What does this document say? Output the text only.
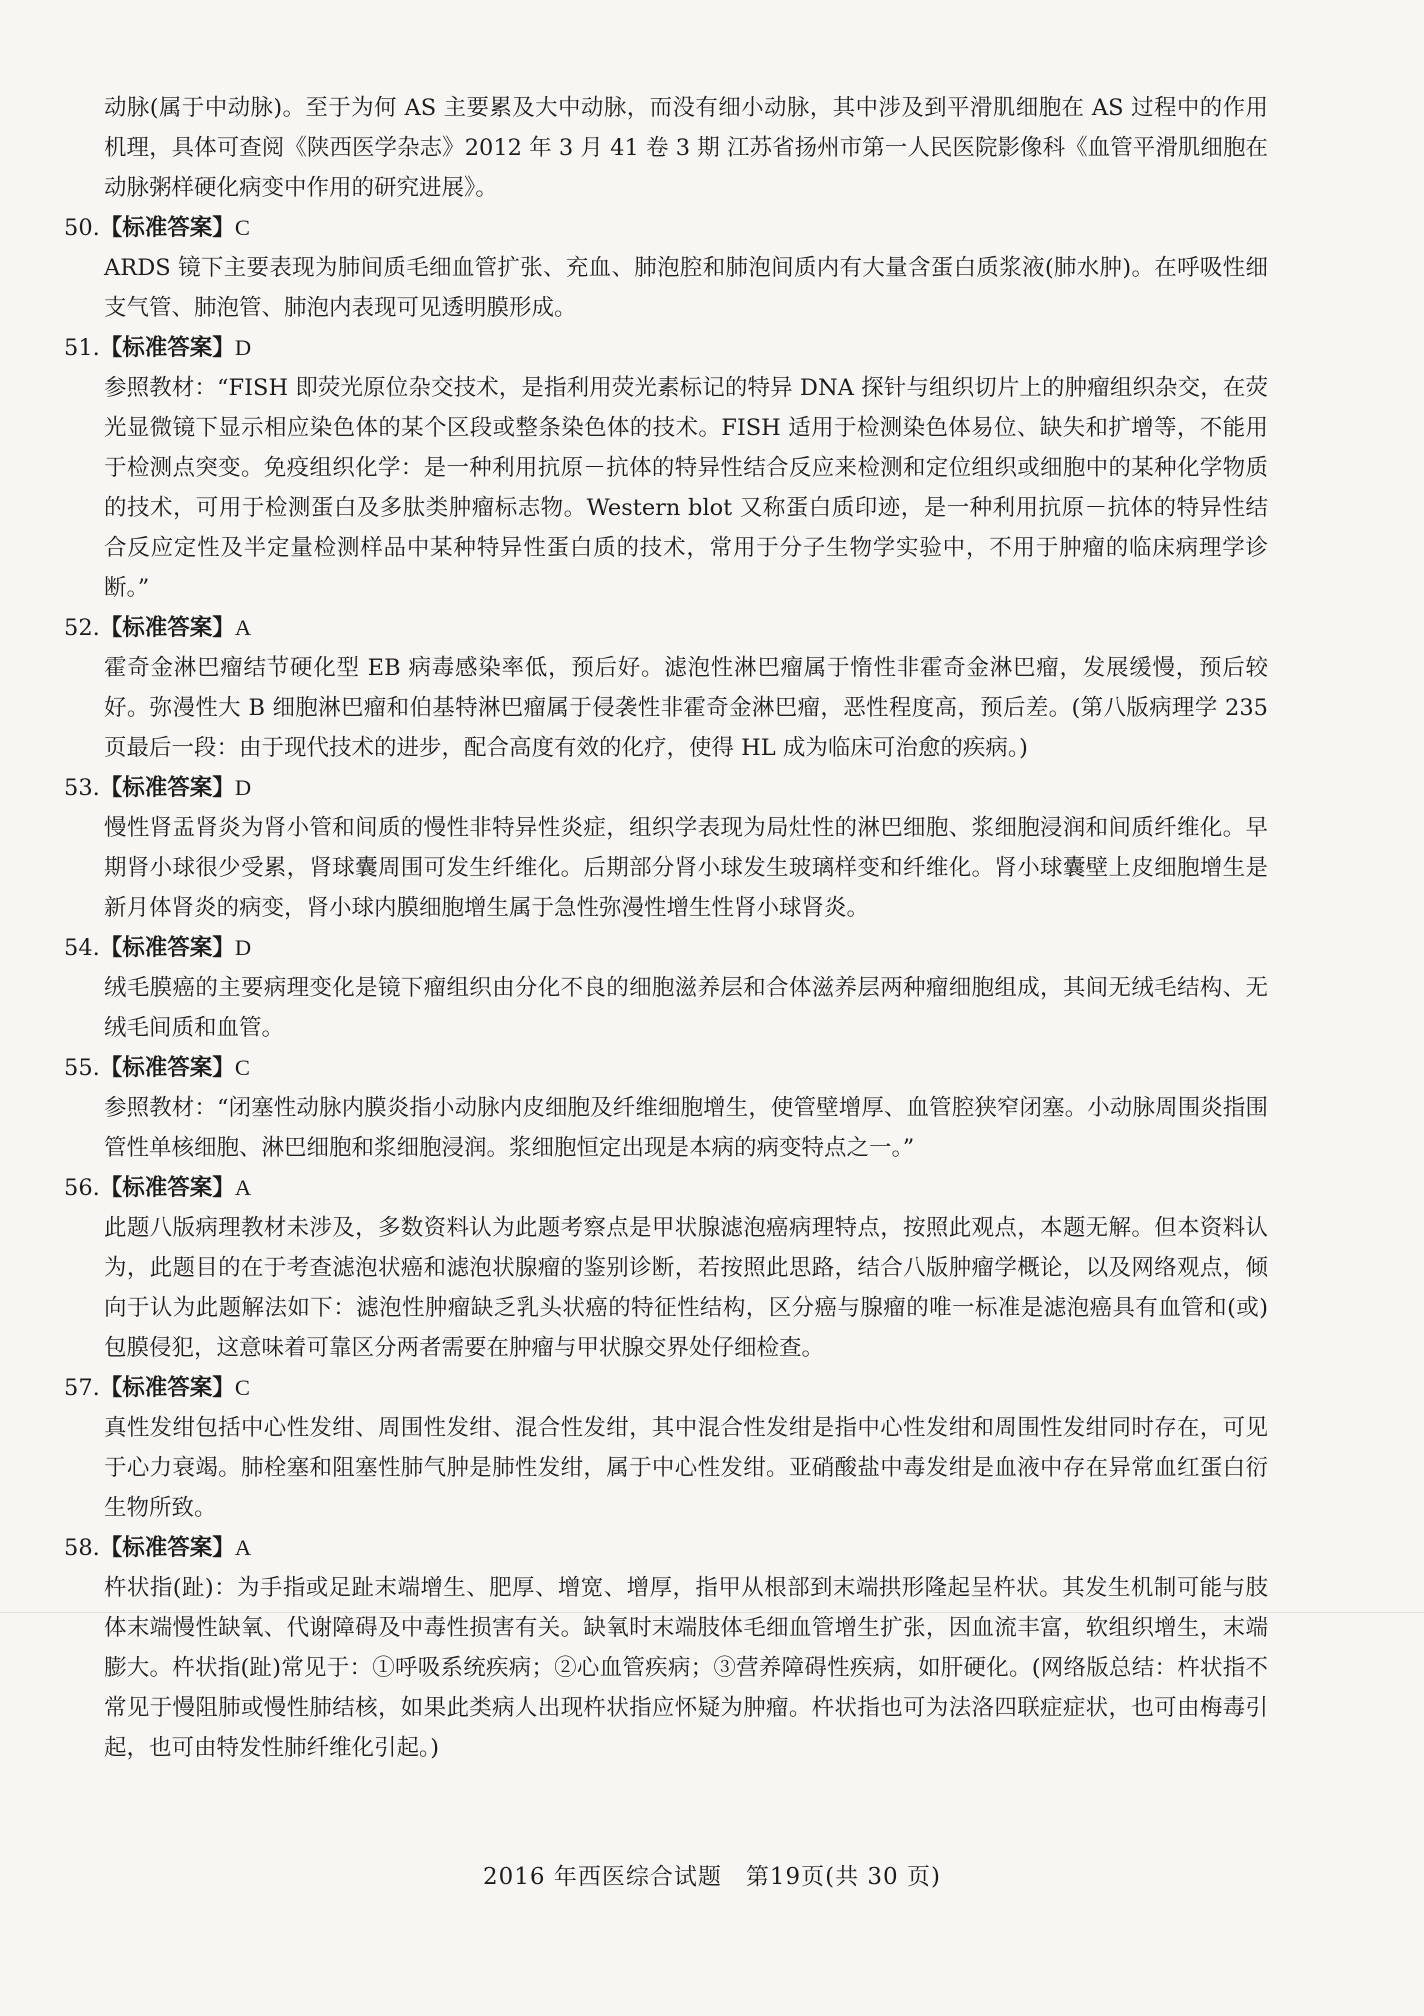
动脉(属于中动脉)。至于为何 AS 主要累及大中动脉，而没有细小动脉，其中涉及到平滑肌细胞在 AS 过程中的作用机理，具体可查阅《陕西医学杂志》2012 年 3 月 41 卷 3 期 江苏省扬州市第一人民医院影像科《血管平滑肌细胞在动脉粥样硬化病变中作用的研究进展》。

50.【标准答案】C

ARDS 镜下主要表现为肺间质毛细血管扩张、充血、肺泡腔和肺泡间质内有大量含蛋白质浆液(肺水肿)。在呼吸性细支气管、肺泡管、肺泡内表现可见透明膜形成。

51.【标准答案】D

参照教材：“FISH 即荧光原位杂交技术，是指利用荧光素标记的特异 DNA 探针与组织切片上的肿瘤组织杂交，在荧光显微镜下显示相应染色体的某个区段或整条染色体的技术。FISH 适用于检测染色体易位、缺失和扩增等，不能用于检测点突变。免疫组织化学：是一种利用抗原－抗体的特异性结合反应来检测和定位组织或细胞中的某种化学物质的技术，可用于检测蛋白及多肽类肿瘤标志物。Western blot 又称蛋白质印迹，是一种利用抗原－抗体的特异性结合反应定性及半定量检测样品中某种特异性蛋白质的技术，常用于分子生物学实验中，不用于肿瘤的临床病理学诊断。”

52.【标准答案】A

霍奇金淋巴瘤结节硬化型 EB 病毒感染率低，预后好。滤泡性淋巴瘤属于惰性非霍奇金淋巴瘤，发展缓慢，预后较好。弥漫性大 B 细胞淋巴瘤和伯基特淋巴瘤属于侵袭性非霍奇金淋巴瘤，恶性程度高，预后差。(第八版病理学 235 页最后一段：由于现代技术的进步，配合高度有效的化疗，使得 HL 成为临床可治愈的疾病。)

53.【标准答案】D

慢性肾盂肾炎为肾小管和间质的慢性非特异性炎症，组织学表现为局灶性的淋巴细胞、浆细胞浸润和间质纤维化。早期肾小球很少受累，肾球囊周围可发生纤维化。后期部分肾小球发生玻璃样变和纤维化。肾小球囊壁上皮细胞增生是新月体肾炎的病变，肾小球内膜细胞增生属于急性弥漫性增生性肾小球肾炎。

54.【标准答案】D

绒毛膜癌的主要病理变化是镜下瘤组织由分化不良的细胞滋养层和合体滋养层两种瘤细胞组成，其间无绒毛结构、无绒毛间质和血管。

55.【标准答案】C

参照教材：“闭塞性动脉内膜炎指小动脉内皮细胞及纤维细胞增生，使管壁增厚、血管腔狭窄闭塞。小动脉周围炎指围管性单核细胞、淋巴细胞和浆细胞浸润。浆细胞恒定出现是本病的病变特点之一。”

56.【标准答案】A

此题八版病理教材未涉及，多数资料认为此题考察点是甲状腺滤泡癌病理特点，按照此观点，本题无解。但本资料认为，此题目的在于考查滤泡状癌和滤泡状腺瘤的鉴别诊断，若按照此思路，结合八版肿瘤学概论，以及网络观点，倾向于认为此题解法如下：滤泡性肿瘤缺乏乳头状癌的特征性结构，区分癌与腺瘤的唯一标准是滤泡癌具有血管和(或)包膜侵犯，这意味着可靠区分两者需要在肿瘤与甲状腺交界处仔细检查。

57.【标准答案】C

真性发绀包括中心性发绀、周围性发绀、混合性发绀，其中混合性发绀是指中心性发绀和周围性发绀同时存在，可见于心力衰竭。肺栓塞和阻塞性肺气肿是肺性发绀，属于中心性发绀。亚硝酸盐中毒发绀是血液中存在异常血红蛋白衍生物所致。

58.【标准答案】A

杵状指(趾)：为手指或足趾末端增生、肥厚、增宽、增厚，指甲从根部到末端拱形隆起呈杵状。其发生机制可能与肢体末端慢性缺氧、代谢障碍及中毒性损害有关。缺氧时末端肢体毛细血管增生扩张，因血流丰富，软组织增生，末端膨大。杵状指(趾)常见于：①呼吸系统疾病；②心血管疾病；③营养障碍性疾病，如肝硬化。(网络版总结：杵状指不常见于慢阻肺或慢性肺结核，如果此类病人出现杵状指应怀疑为肿瘤。杵状指也可为法洛四联症症状，也可由梅毒引起，也可由特发性肺纤维化引起。)

2016 年西医综合试题　第19页(共 30 页)
